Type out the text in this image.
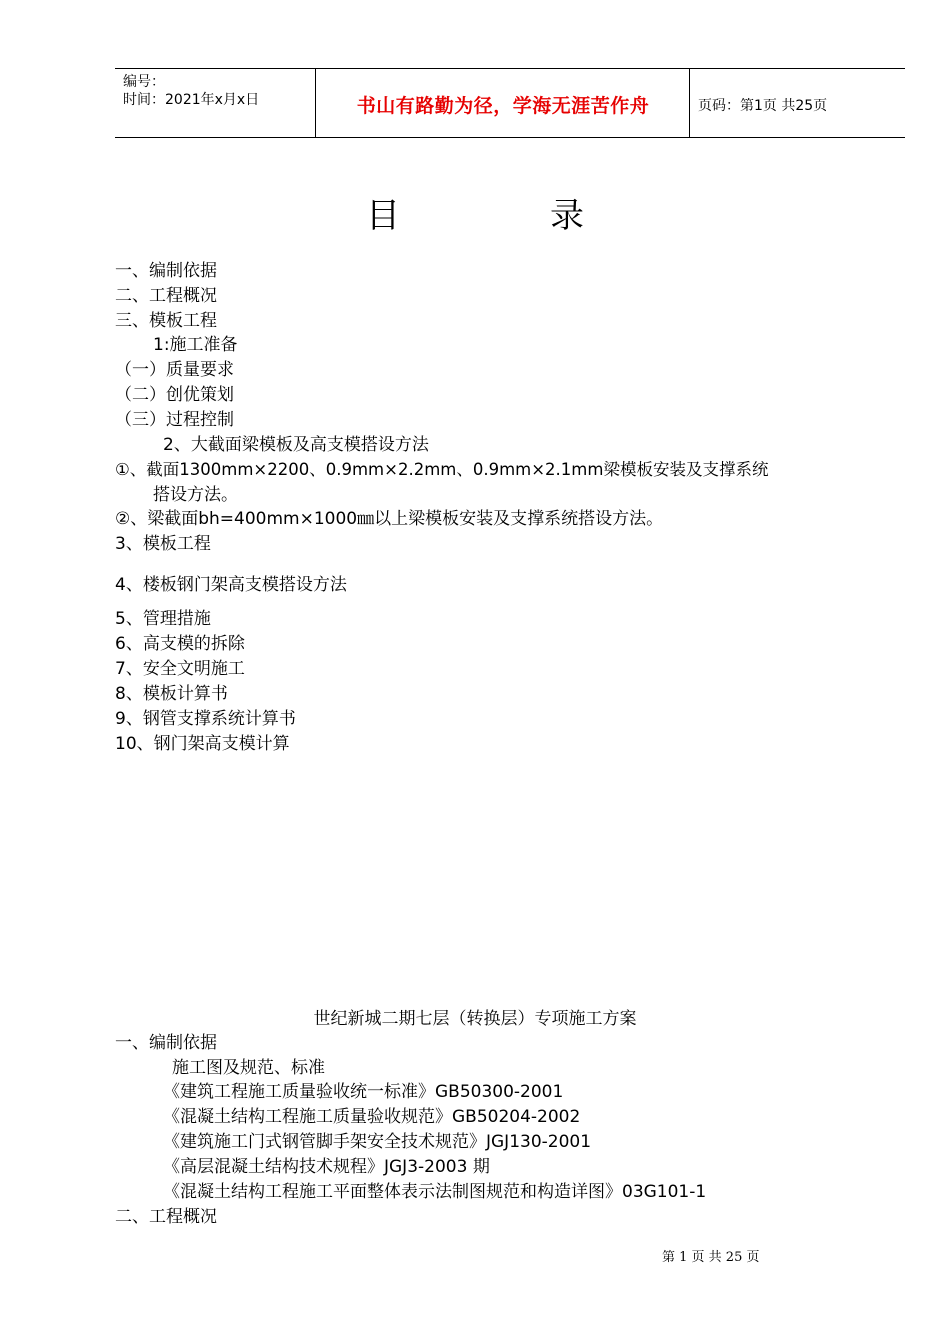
编号：
时间：2021年x月x日	书山有路勤为径，学海无涯苦作舟	页码：第1页 共25页
目	录
一、编制依据
二、工程概况
三、模板工程
1:施工准备
（一）质量要求
（二）创优策划
（三）过程控制
2、大截面梁模板及高支模搭设方法
①、截面1300mm×2200、0.9mm×2.2mm、0.9mm×2.1mm梁模板安装及支撑系统
搭设方法。
②、梁截面bh=400mm×1000㎜以上梁模板安装及支撑系统搭设方法。
3、模板工程
4、楼板钢门架高支模搭设方法
5、管理措施
6、高支模的拆除
7、安全文明施工
8、模板计算书
9、钢管支撑系统计算书
10、钢门架高支模计算
世纪新城二期七层（转换层）专项施工方案
一、编制依据
施工图及规范、标准
《建筑工程施工质量验收统一标准》GB50300-2001
《混凝土结构工程施工质量验收规范》GB50204-2002
《建筑施工门式钢管脚手架安全技术规范》JGJ130-2001
《高层混凝土结构技术规程》JGJ3-2003 期
《混凝土结构工程施工平面整体表示法制图规范和构造详图》03G101-1
二、工程概况
第 1 页 共 25 页
